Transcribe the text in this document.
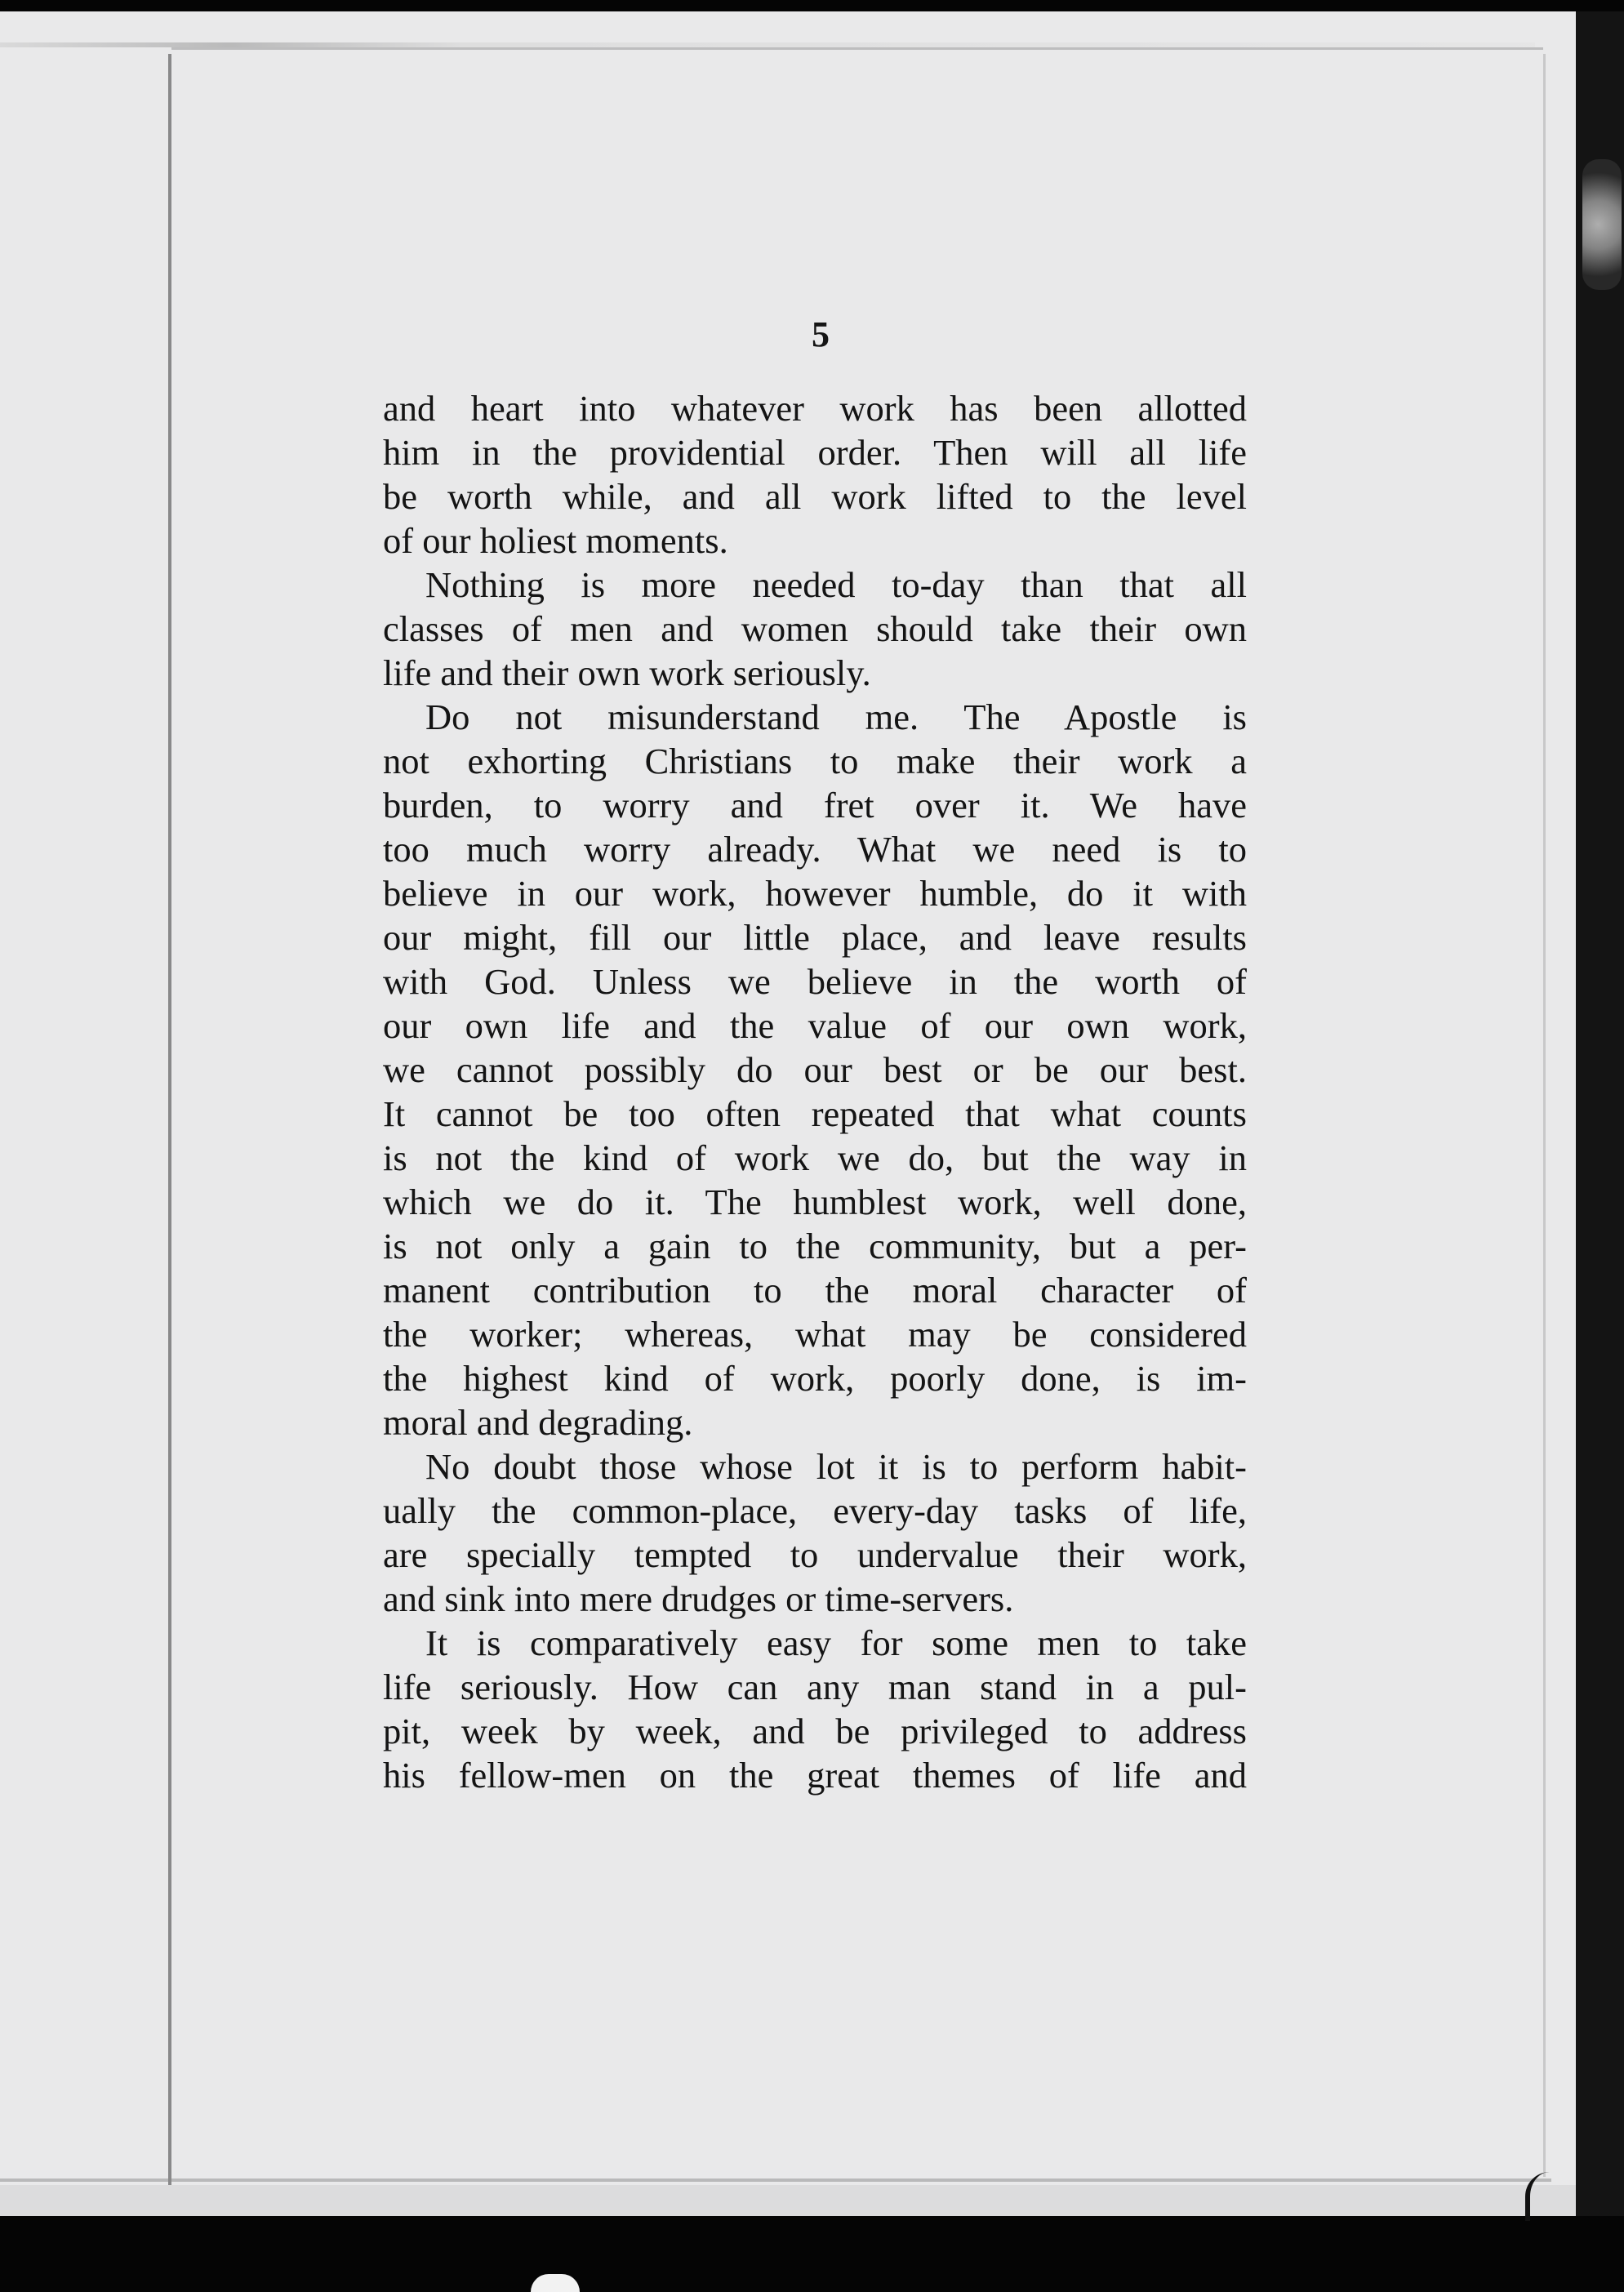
5
and heart into whatever work has been allotted
him in the providential order. Then will all life
be worth while, and all work lifted to the level
of our holiest moments.
Nothing is more needed to-day than that all
classes of men and women should take their own
life and their own work seriously.
Do not misunderstand me. The Apostle is
not exhorting Christians to make their work a
burden, to worry and fret over it. We have
too much worry already. What we need is to
believe in our work, however humble, do it with
our might, fill our little place, and leave results
with God. Unless we believe in the worth of
our own life and the value of our own work,
we cannot possibly do our best or be our best.
It cannot be too often repeated that what counts
is not the kind of work we do, but the way in
which we do it. The humblest work, well done,
is not only a gain to the community, but a per-
manent contribution to the moral character of
the worker; whereas, what may be considered
the highest kind of work, poorly done, is im-
moral and degrading.
No doubt those whose lot it is to perform habit-
ually the common-place, every-day tasks of life,
are specially tempted to undervalue their work,
and sink into mere drudges or time-servers.
It is comparatively easy for some men to take
life seriously. How can any man stand in a pul-
pit, week by week, and be privileged to address
his fellow-men on the great themes of life and
